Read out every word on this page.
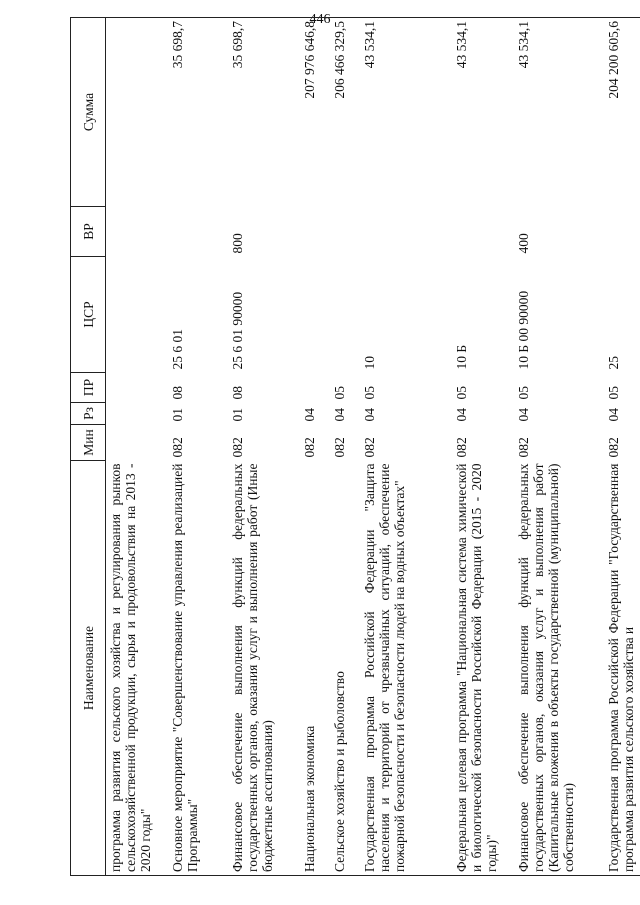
446
Наименование	Мин	Рз	ПР	ЦСР	ВР	Сумма
программа развития сельского хозяйства и регулирования рынков сельскохозяйственной продукции, сырья и продовольствия на 2013 - 2020 годы"						
Основное мероприятие "Совершенствование управления реализацией Программы"	082	01	08	25 6 01		35 698,7
Финансовое обеспечение выполнения функций федеральных государственных органов, оказания услуг и выполнения работ (Иные бюджетные ассигнования)	082	01	08	25 6 01 90000	800	35 698,7
Национальная экономика	082	04				207 976 646,8
Сельское хозяйство и рыболовство	082	04	05			206 466 329,5
Государственная программа Российской Федерации "Защита населения и территорий от чрезвычайных ситуаций, обеспечение пожарной безопасности и безопасности людей на водных объектах"	082	04	05	10		43 534,1
Федеральная целевая программа "Национальная система химической и биологической безопасности Российской Федерации (2015 - 2020 годы)"	082	04	05	10 Б		43 534,1
Финансовое обеспечение выполнения функций федеральных государственных органов, оказания услуг и выполнения работ (Капитальные вложения в объекты государственной (муниципальной) собственности)	082	04	05	10 Б 00 90000	400	43 534,1
Государственная программа Российской Федерации "Государственная программа развития сельского хозяйства и	082	04	05	25		204 200 605,6
